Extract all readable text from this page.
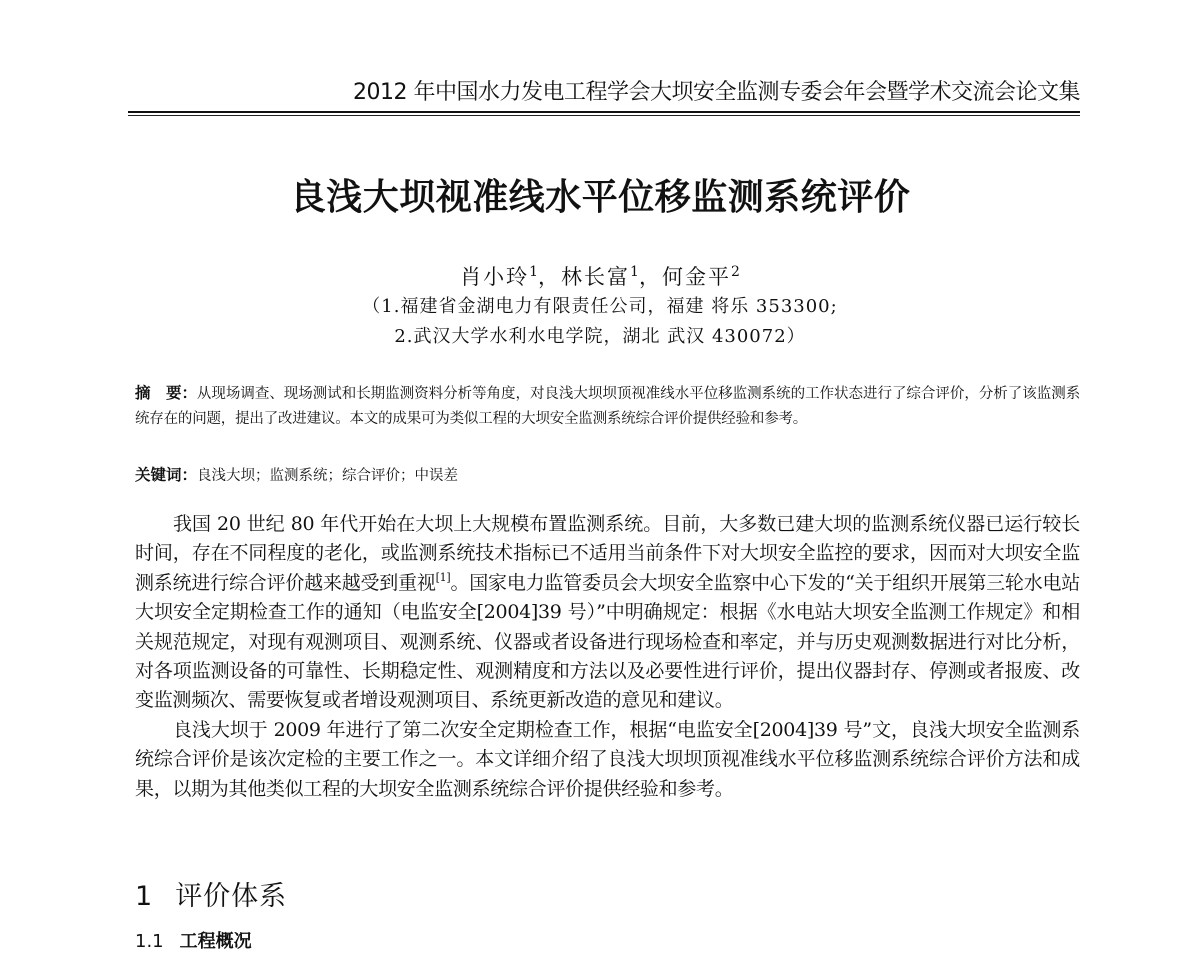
2012 年中国水力发电工程学会大坝安全监测专委会年会暨学术交流会论文集
良浅大坝视准线水平位移监测系统评价
肖小玲$^1$，林长富$^1$，何金平$^2$
（1.福建省金湖电力有限责任公司，福建 将乐 353300;
2.武汉大学水利水电学院，湖北 武汉 430072）
摘　要：从现场调查、现场测试和长期监测资料分析等角度，对良浅大坝坝顶视准线水平位移监测系统的工作状态进行了综合评价，分析了该监测系统存在的问题，提出了改进建议。本文的成果可为类似工程的大坝安全监测系统综合评价提供经验和参考。
关键词：良浅大坝；监测系统；综合评价；中误差

我国 20 世纪 80 年代开始在大坝上大规模布置监测系统。目前，大多数已建大坝的监测系统仪器已运行较长时间，存在不同程度的老化，或监测系统技术指标已不适用当前条件下对大坝安全监控的要求，因而对大坝安全监测系统进行综合评价越来越受到重视[1]。国家电力监管委员会大坝安全监察中心下发的“关于组织开展第三轮水电站大坝安全定期检查工作的通知（电监安全[2004]39 号）”中明确规定：根据《水电站大坝安全监测工作规定》和相关规范规定，对现有观测项目、观测系统、仪器或者设备进行现场检查和率定，并与历史观测数据进行对比分析，对各项监测设备的可靠性、长期稳定性、观测精度和方法以及必要性进行评价，提出仪器封存、停测或者报废、改变监测频次、需要恢复或者增设观测项目、系统更新改造的意见和建议。

良浅大坝于 2009 年进行了第二次安全定期检查工作，根据“电监安全[2004]39 号”文，良浅大坝安全监测系统综合评价是该次定检的主要工作之一。本文详细介绍了良浅大坝坝顶视准线水平位移监测系统综合评价方法和成果，以期为其他类似工程的大坝安全监测系统综合评价提供经验和参考。

1 评价体系
1.1 工程概况
